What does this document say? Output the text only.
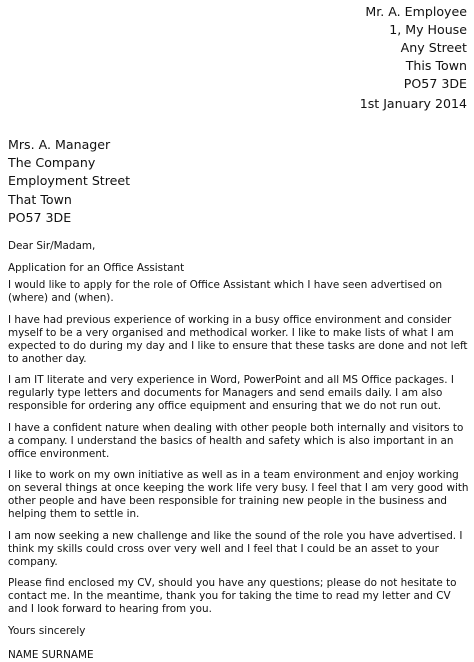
Mr. A. Employee
1, My House
Any Street
This Town
PO57 3DE
1st January 2014
Mrs. A. Manager
The Company
Employment Street
That Town
PO57 3DE

Dear Sir/Madam,

Application for an Office Assistant

I would like to apply for the role of Office Assistant which I have seen advertised on (where) and (when).

I have had previous experience of working in a busy office environment and consider myself to be a very organised and methodical worker. I like to make lists of what I am expected to do during my day and I like to ensure that these tasks are done and not left to another day.

I am IT literate and very experience in Word, PowerPoint and all MS Office packages. I regularly type letters and documents for Managers and send emails daily. I am also responsible for ordering any office equipment and ensuring that we do not run out.

I have a confident nature when dealing with other people both internally and visitors to a company. I understand the basics of health and safety which is also important in an office environment.

I like to work on my own initiative as well as in a team environment and enjoy working on several things at once keeping the work life very busy. I feel that I am very good with other people and have been responsible for training new people in the business and helping them to settle in.

I am now seeking a new challenge and like the sound of the role you have advertised. I think my skills could cross over very well and I feel that I could be an asset to your company.

Please find enclosed my CV, should you have any questions; please do not hesitate to contact me. In the meantime, thank you for taking the time to read my letter and CV and I look forward to hearing from you.

Yours sincerely

NAME SURNAME
